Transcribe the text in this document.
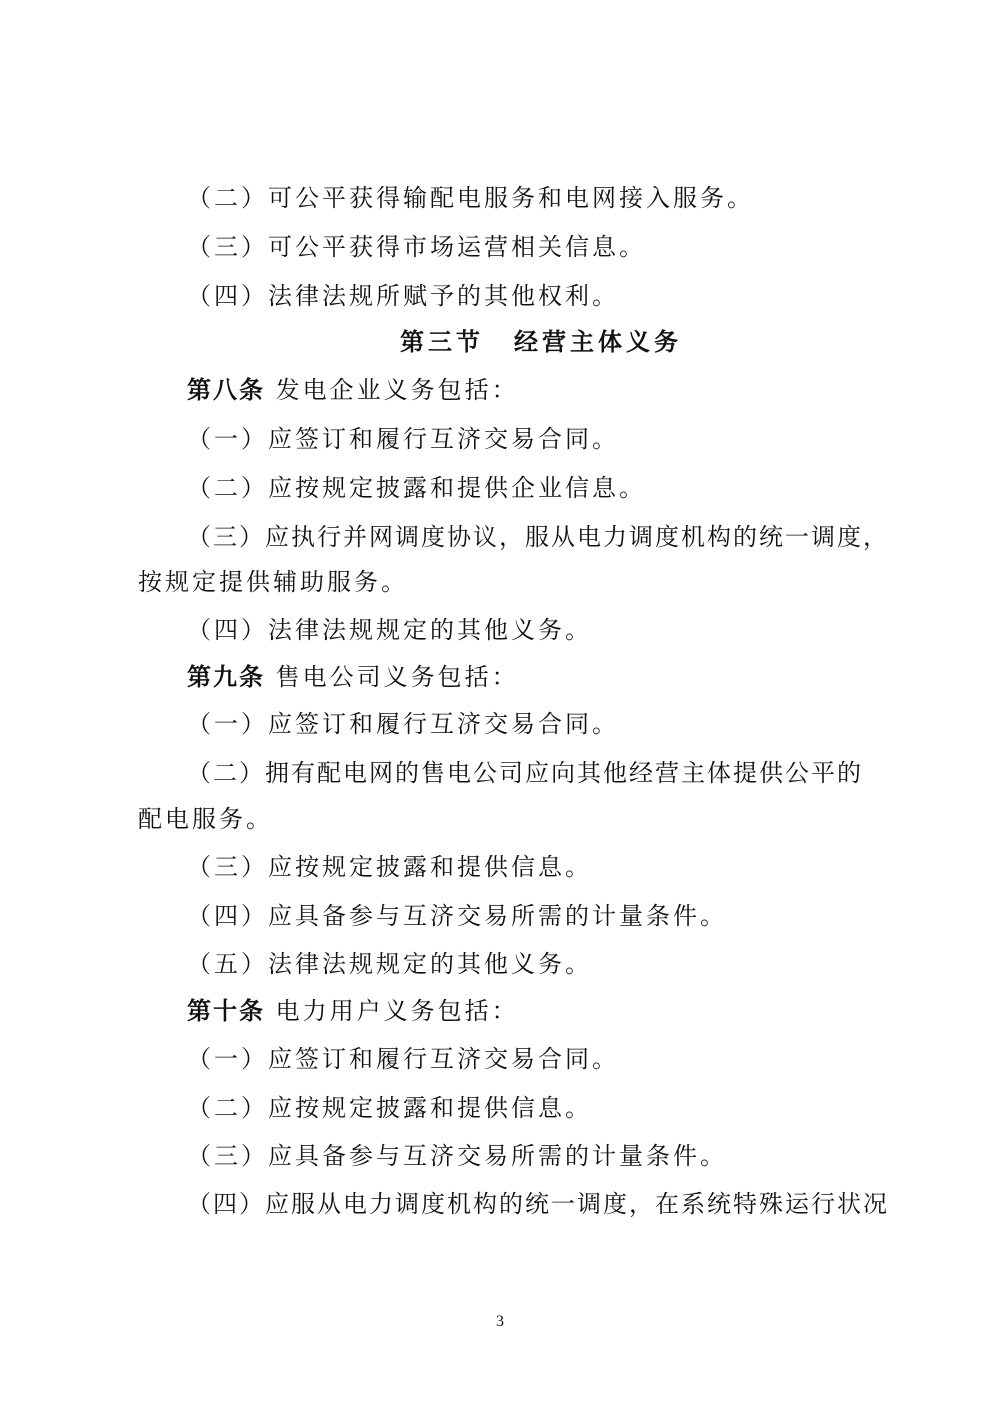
（二）可公平获得输配电服务和电网接入服务。

（三）可公平获得市场运营相关信息。

（四）法律法规所赋予的其他权利。

第三节 经营主体义务

第八条 发电企业义务包括：

（一）应签订和履行互济交易合同。

（二）应按规定披露和提供企业信息。

（三）应执行并网调度协议，服从电力调度机构的统一调度，

按规定提供辅助服务。

（四）法律法规规定的其他义务。

第九条 售电公司义务包括：

（一）应签订和履行互济交易合同。

（二）拥有配电网的售电公司应向其他经营主体提供公平的

配电服务。

（三）应按规定披露和提供信息。

（四）应具备参与互济交易所需的计量条件。

（五）法律法规规定的其他义务。

第十条 电力用户义务包括：

（一）应签订和履行互济交易合同。

（二）应按规定披露和提供信息。

（三）应具备参与互济交易所需的计量条件。

（四）应服从电力调度机构的统一调度，在系统特殊运行状况

3
